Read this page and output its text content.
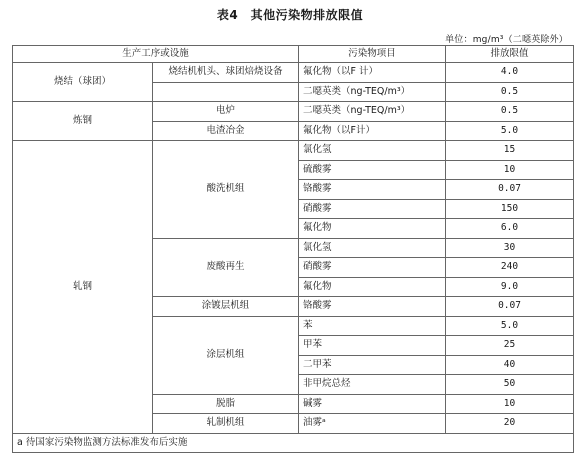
表4　其他污染物排放限值
单位：mg/m³（二噁英除外）
生产工序或设施		污染物项目	排放限值
烧结（球团）	烧结机机头、球团焙烧设备	氟化物（以F 计）	4.0
		二噁英类（ng-TEQ/m³）	0.5
炼钢	电炉	二噁英类（ng-TEQ/m³）	0.5
	电渣冶金	氟化物（以F计）	5.0
轧钢	酸洗机组	氯化氢	15
		硫酸雾	10
		铬酸雾	0.07
		硝酸雾	150
		氟化物	6.0
	废酸再生	氯化氢	30
		硝酸雾	240
		氟化物	9.0
	涂镀层机组	铬酸雾	0.07
	涂层机组	苯	5.0
		甲苯	25
		二甲苯	40
		非甲烷总烃	50
	脱脂	碱雾	10
	轧制机组	油雾ᵃ	20
a 待国家污染物监测方法标准发布后实施			
